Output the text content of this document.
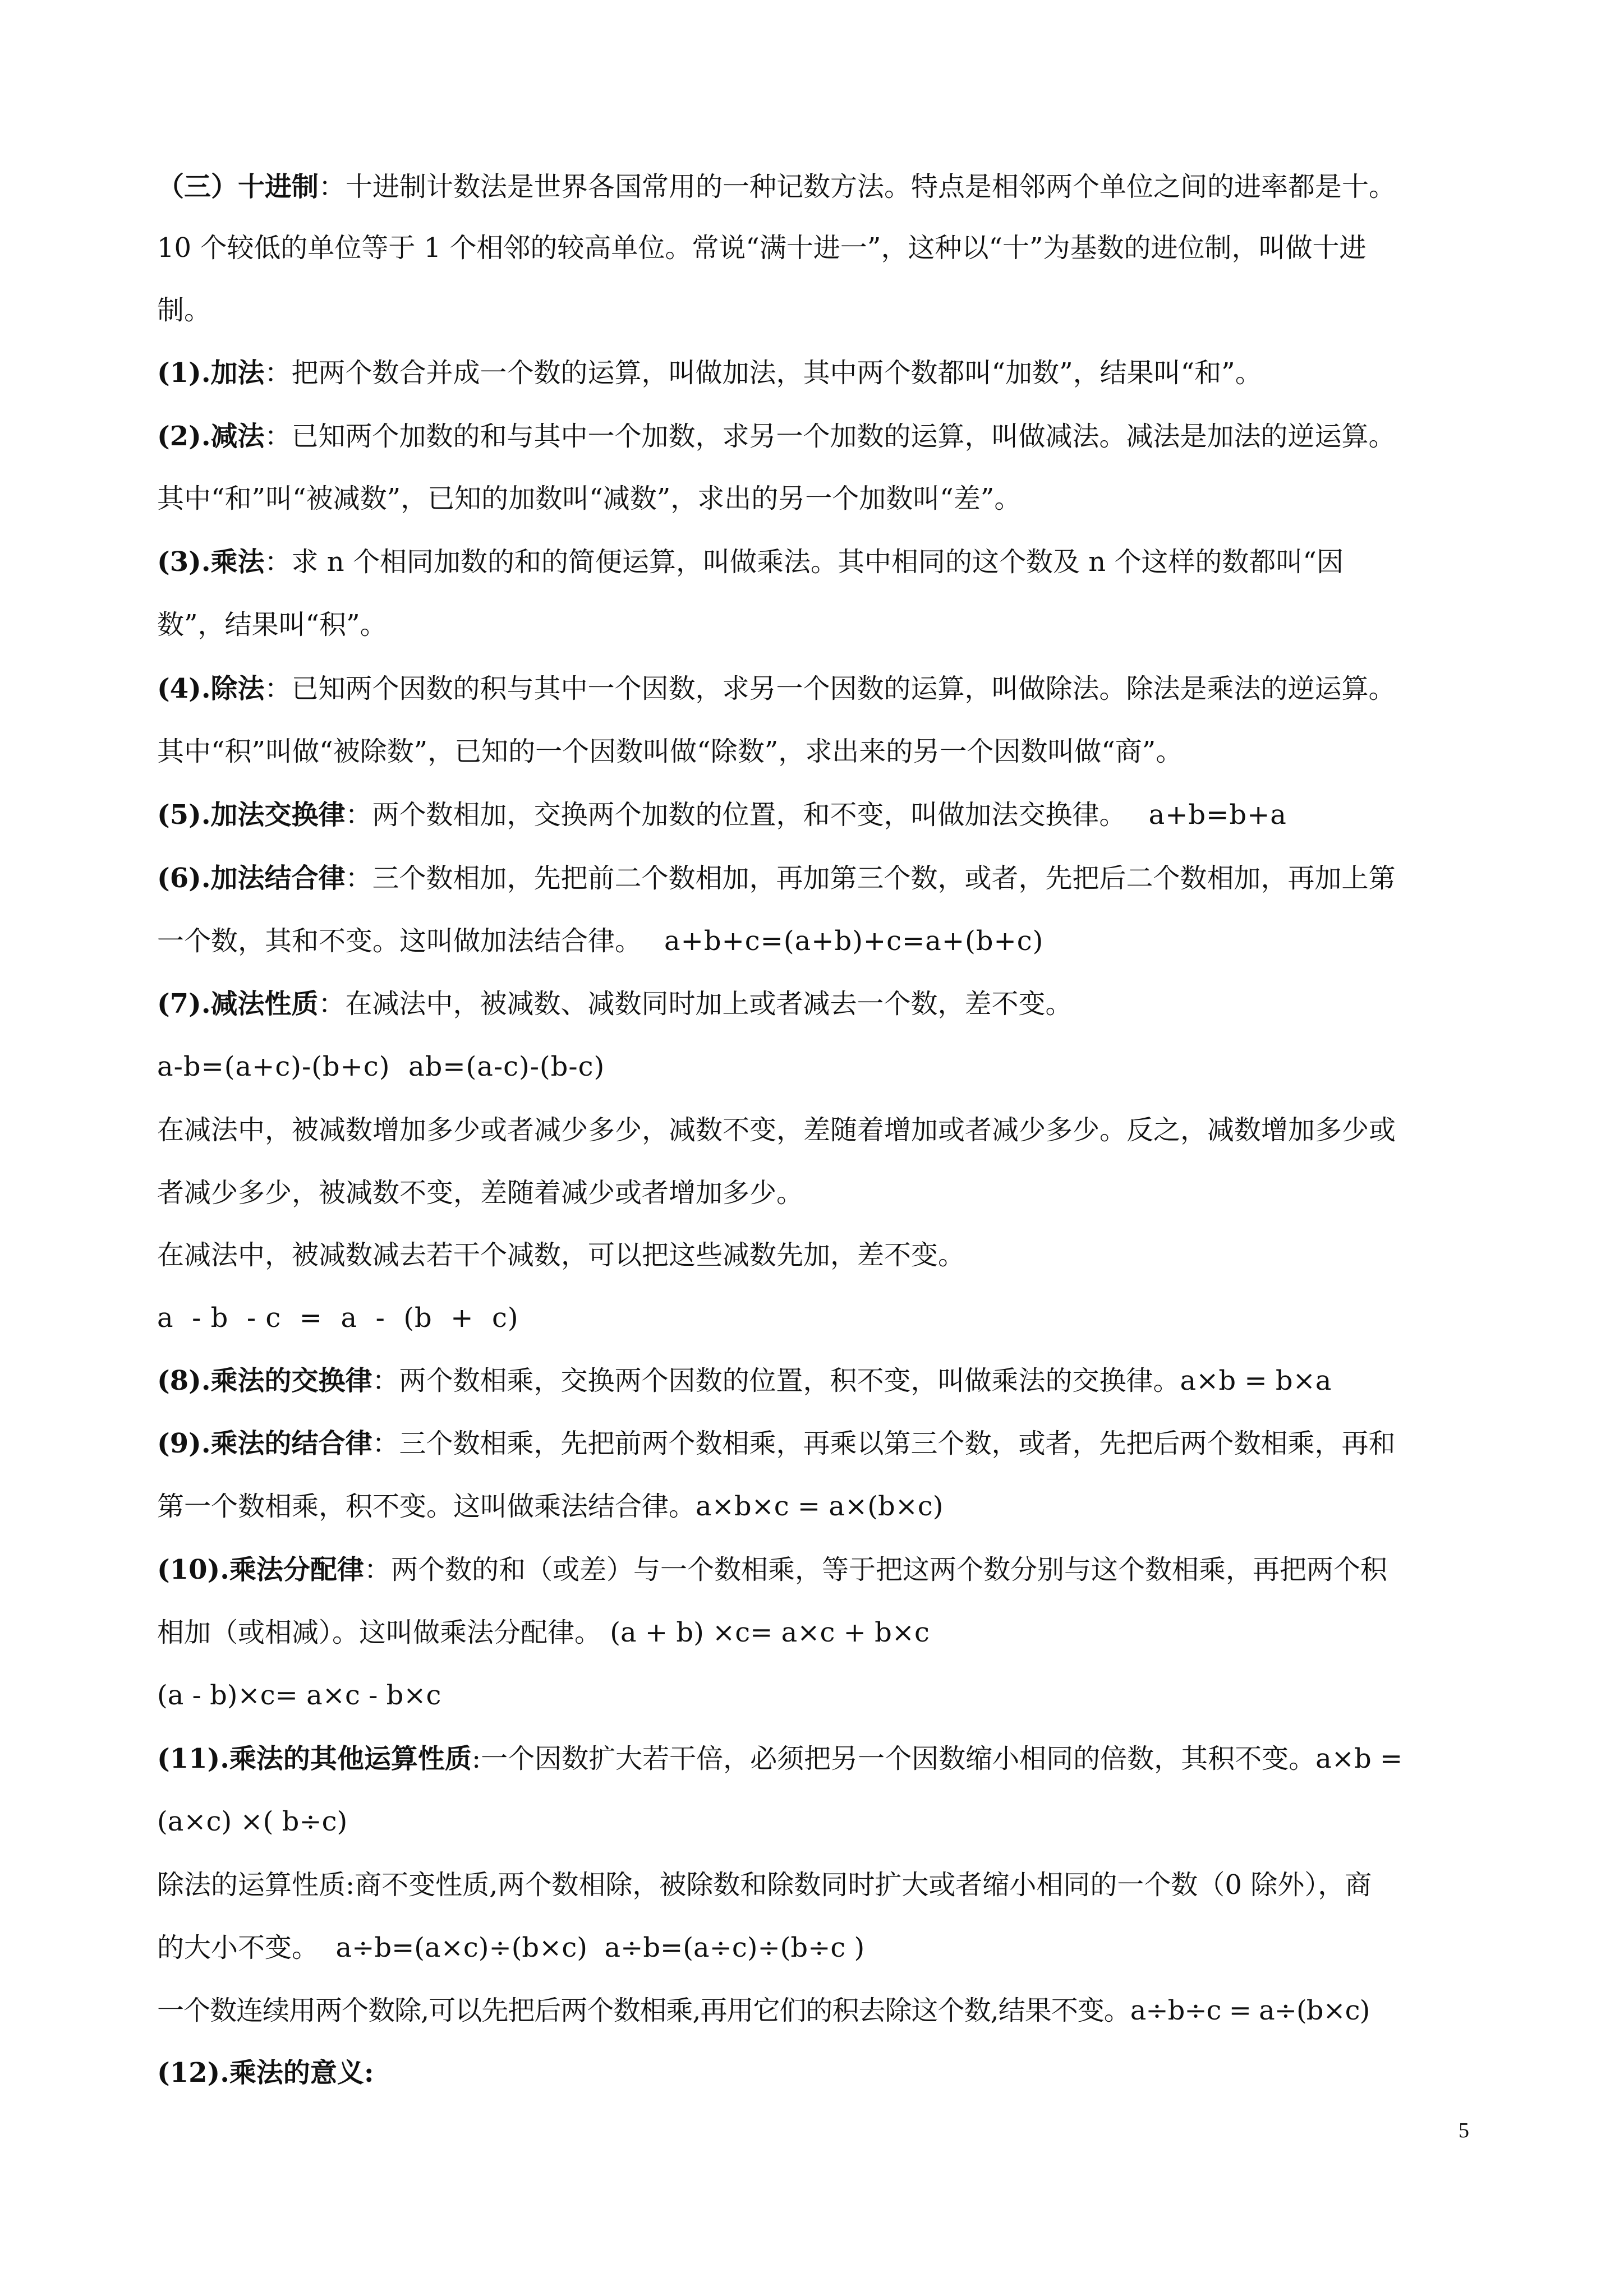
（三）十进制：十进制计数法是世界各国常用的一种记数方法。特点是相邻两个单位之间的进率都是十。
10 个较低的单位等于 1 个相邻的较高单位。常说“满十进一”，这种以“十”为基数的进位制，叫做十进
制。
(1).加法：把两个数合并成一个数的运算，叫做加法，其中两个数都叫“加数”，结果叫“和”。
(2).减法：已知两个加数的和与其中一个加数，求另一个加数的运算，叫做减法。减法是加法的逆运算。
其中“和”叫“被减数”，已知的加数叫“减数”，求出的另一个加数叫“差”。
(3).乘法：求 n 个相同加数的和的简便运算，叫做乘法。其中相同的这个数及 n 个这样的数都叫“因
数”，结果叫“积”。
(4).除法：已知两个因数的积与其中一个因数，求另一个因数的运算，叫做除法。除法是乘法的逆运算。
其中“积”叫做“被除数”，已知的一个因数叫做“除数”，求出来的另一个因数叫做“商”。
(5).加法交换律：两个数相加，交换两个加数的位置，和不变，叫做加法交换律。 a+b=b+a
(6).加法结合律：三个数相加，先把前二个数相加，再加第三个数，或者，先把后二个数相加，再加上第
一个数，其和不变。这叫做加法结合律。 a+b+c=(a+b)+c=a+(b+c)
(7).减法性质：在减法中，被减数、减数同时加上或者减去一个数，差不变。
a-b=(a+c)-(b+c)  ab=(a-c)-(b-c)
在减法中，被减数增加多少或者减少多少，减数不变，差随着增加或者减少多少。反之，减数增加多少或
者减少多少，被减数不变，差随着减少或者增加多少。
在减法中，被减数减去若干个减数，可以把这些减数先加，差不变。
a  - b  - c  =  a  -  (b  +  c)
(8).乘法的交换律：两个数相乘，交换两个因数的位置，积不变，叫做乘法的交换律。a×b = b×a
(9).乘法的结合律：三个数相乘，先把前两个数相乘，再乘以第三个数，或者，先把后两个数相乘，再和
第一个数相乘，积不变。这叫做乘法结合律。a×b×c = a×(b×c)
(10).乘法分配律：两个数的和（或差）与一个数相乘，等于把这两个数分别与这个数相乘，再把两个积
相加（或相减）。这叫做乘法分配律。 (a + b) ×c= a×c + b×c
(a - b)×c= a×c - b×c
(11).乘法的其他运算性质:一个因数扩大若干倍，必须把另一个因数缩小相同的倍数，其积不变。a×b =
(a×c) ×( b÷c)
除法的运算性质:商不变性质,两个数相除，被除数和除数同时扩大或者缩小相同的一个数（0 除外），商
的大小不变。  a÷b=(a×c)÷(b×c)  a÷b=(a÷c)÷(b÷c )
一个数连续用两个数除,可以先把后两个数相乘,再用它们的积去除这个数,结果不变。a÷b÷c = a÷(b×c)
(12).乘法的意义:
5
